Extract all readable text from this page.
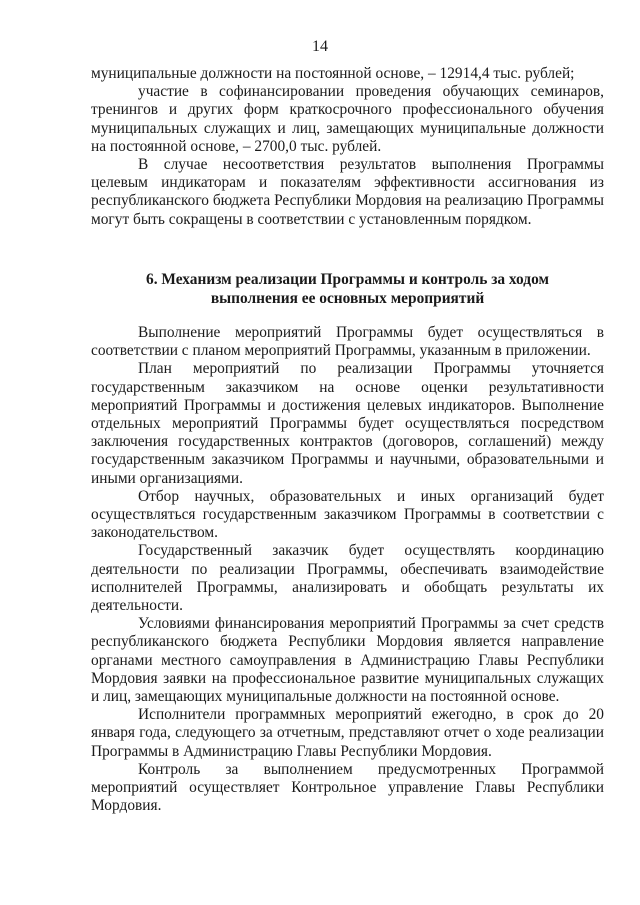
14

муниципальные должности на постоянной основе, – 12914,4 тыс. рублей;

участие в софинансировании проведения обучающих семинаров, тренингов и других форм краткосрочного профессионального обучения муниципальных служащих и лиц, замещающих муниципальные должности на постоянной основе, – 2700,0 тыс. рублей.

В случае несоответствия результатов выполнения Программы целевым индикаторам и показателям эффективности ассигнования из республиканского бюджета Республики Мордовия на реализацию Программы могут быть сокращены в соответствии с установленным порядком.

6. Механизм реализации Программы и контроль за ходом
выполнения ее основных мероприятий

Выполнение мероприятий Программы будет осуществляться в соответствии с планом мероприятий Программы, указанным в приложении.

План мероприятий по реализации Программы уточняется государственным заказчиком на основе оценки результативности мероприятий Программы и достижения целевых индикаторов. Выполнение отдельных мероприятий Программы будет осуществляться посредством заключения государственных контрактов (договоров, соглашений) между государственным заказчиком Программы и научными, образовательными и иными организациями.

Отбор научных, образовательных и иных организаций будет осуществляться государственным заказчиком Программы в соответствии с законодательством.

Государственный заказчик будет осуществлять координацию деятельности по реализации Программы, обеспечивать взаимодействие исполнителей Программы, анализировать и обобщать результаты их деятельности.

Условиями финансирования мероприятий Программы за счет средств республиканского бюджета Республики Мордовия является направление органами местного самоуправления в Администрацию Главы Республики Мордовия заявки на профессиональное развитие муниципальных служащих и лиц, замещающих муниципальные должности на постоянной основе.

Исполнители программных мероприятий ежегодно, в срок до 20 января года, следующего за отчетным, представляют отчет о ходе реализации Программы в Администрацию Главы Республики Мордовия.

Контроль за выполнением предусмотренных Программой мероприятий осуществляет Контрольное управление Главы Республики Мордовия.
